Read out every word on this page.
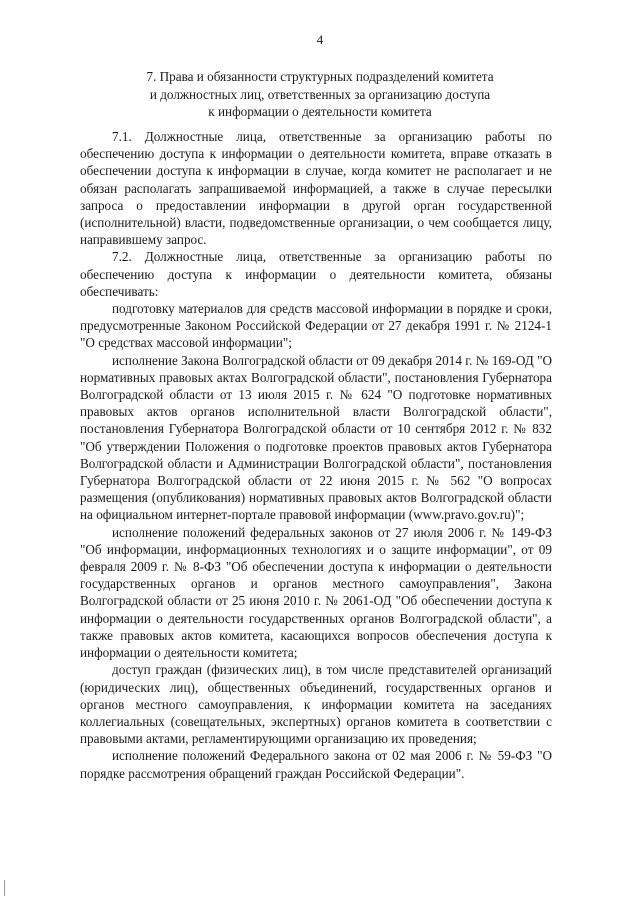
4
7. Права и обязанности структурных подразделений комитета
и должностных лиц, ответственных за организацию доступа
к информации о деятельности комитета

7.1. Должностные лица, ответственные за организацию работы по обеспечению доступа к информации о деятельности комитета, вправе отказать в обеспечении доступа к информации в случае, когда комитет не располагает и не обязан располагать запрашиваемой информацией, а также в случае пересылки запроса о предоставлении информации в другой орган государственной (исполнительной) власти, подведомственные организации, о чем сообщается лицу, направившему запрос.

7.2. Должностные лица, ответственные за организацию работы по обеспечению доступа к информации о деятельности комитета, обязаны обеспечивать:

подготовку материалов для средств массовой информации в порядке и сроки, предусмотренные Законом Российской Федерации от 27 декабря 1991 г. № 2124-1 "О средствах массовой информации";

исполнение Закона Волгоградской области от 09 декабря 2014 г. № 169-ОД "О нормативных правовых актах Волгоградской области", постановления Губернатора Волгоградской области от 13 июля 2015 г. № 624 "О подготовке нормативных правовых актов органов исполнительной власти Волгоградской области", постановления Губернатора Волгоградской области от 10 сентября 2012 г. № 832 "Об утверждении Положения о подготовке проектов правовых актов Губернатора Волгоградской области и Администрации Волгоградской области", постановления Губернатора Волгоградской области от 22 июня 2015 г. № 562 "О вопросах размещения (опубликования) нормативных правовых актов Волгоградской области на официальном интернет-портале правовой информации (www.pravo.gov.ru)";

исполнение положений федеральных законов от 27 июля 2006 г. № 149-ФЗ "Об информации, информационных технологиях и о защите информации", от 09 февраля 2009 г. № 8-ФЗ "Об обеспечении доступа к информации о деятельности государственных органов и органов местного самоуправления", Закона Волгоградской области от 25 июня 2010 г. № 2061-ОД "Об обеспечении доступа к информации о деятельности государственных органов Волгоградской области", а также правовых актов комитета, касающихся вопросов обеспечения доступа к информации о деятельности комитета;

доступ граждан (физических лиц), в том числе представителей организаций (юридических лиц), общественных объединений, государственных органов и органов местного самоуправления, к информации комитета на заседаниях коллегиальных (совещательных, экспертных) органов комитета в соответствии с правовыми актами, регламентирующими организацию их проведения;

исполнение положений Федерального закона от 02 мая 2006 г. № 59-ФЗ "О порядке рассмотрения обращений граждан Российской Федерации".
